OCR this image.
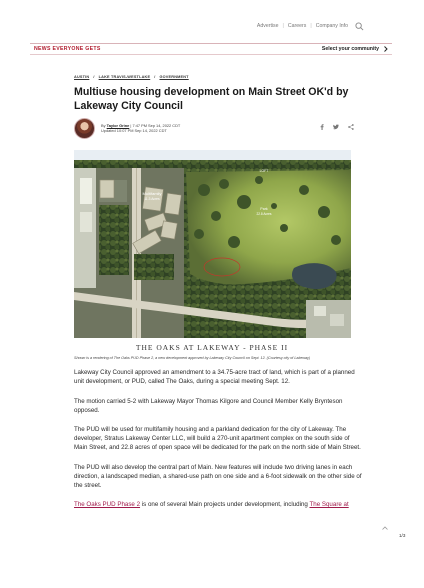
Advertise | Careers | Company Info
NEWS EVERYONE GETS	Select your community
AUSTIN / LAKE TRAVIS-WESTLAKE / GOVERNMENT
Multiuse housing development on Main Street OK'd by Lakeway City Council
By Taylor Grine | 7:47 PM Sep 14, 2022 CDT
Updated 10:07 PM Sep 14, 2022 CDT
Multifamily
11.3 Acres
LOFT
Park
22.8 Acres
THE OAKS AT LAKEWAY - PHASE II
Shown is a rendering of The Oaks PUD Phase 2, a new development approved by Lakeway City Council on Sept. 12. (Courtesy city of Lakeway)

Lakeway City Council approved an amendment to a 34.75-acre tract of land, which is part of a planned unit development, or PUD, called The Oaks, during a special meeting Sept. 12.

The motion carried 5-2 with Lakeway Mayor Thomas Kilgore and Council Member Kelly Brynteson opposed.

The PUD will be used for multifamily housing and a parkland dedication for the city of Lakeway. The developer, Stratus Lakeway Center LLC, will build a 270-unit apartment complex on the south side of Main Street, and 22.8 acres of open space will be dedicated for the park on the north side of Main Street.

The PUD will also develop the central part of Main. New features will include two driving lanes in each direction, a landscaped median, a shared-use path on one side and a 6-foot sidewalk on the other side of the street.

The Oaks PUD Phase 2 is one of several Main projects under development, including The Square at

1/3
